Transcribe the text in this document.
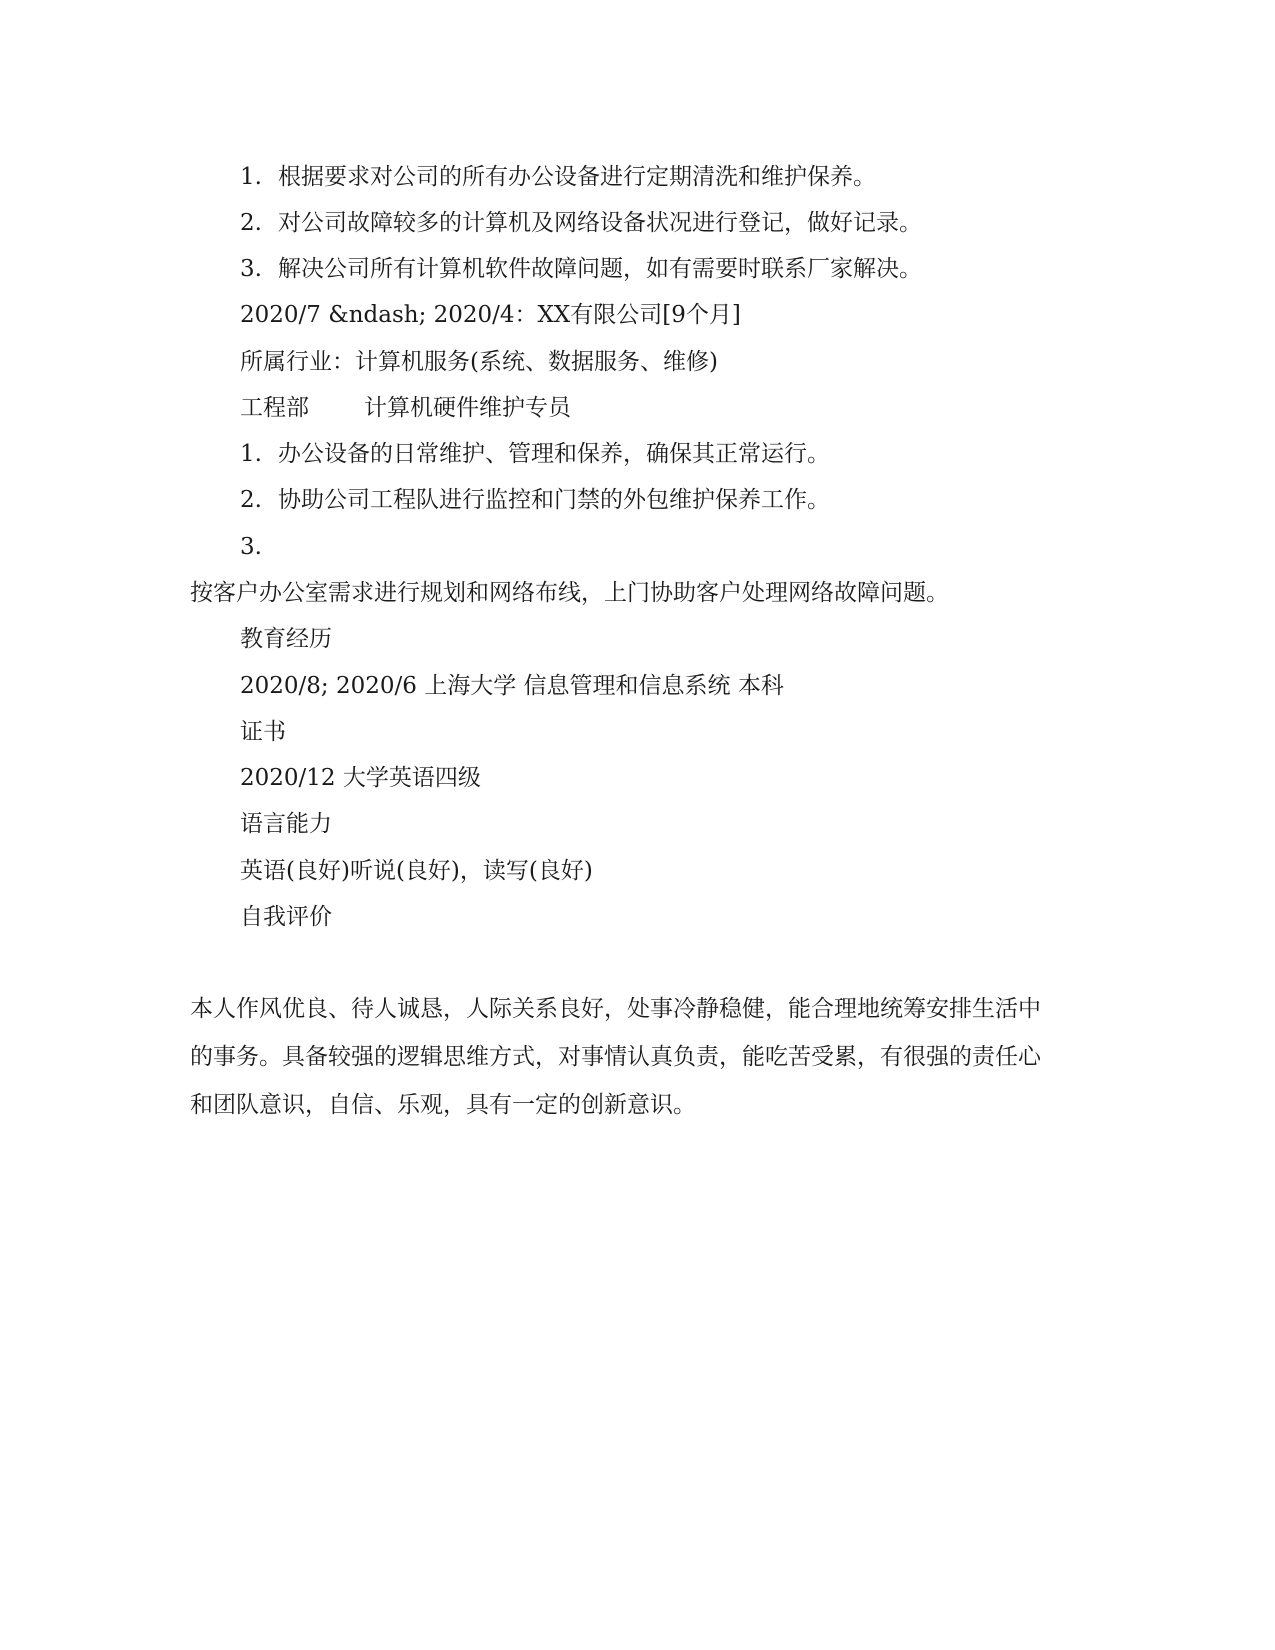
1. 根据要求对公司的所有办公设备进行定期清洗和维护保养。
2. 对公司故障较多的计算机及网络设备状况进行登记，做好记录。
3. 解决公司所有计算机软件故障问题，如有需要时联系厂家解决。
2020/7 &ndash; 2020/4：XX有限公司[9个月]
所属行业：计算机服务(系统、数据服务、维修)
工程部 计算机硬件维护专员
1. 办公设备的日常维护、管理和保养，确保其正常运行。
2. 协助公司工程队进行监控和门禁的外包维护保养工作。
3.
按客户办公室需求进行规划和网络布线，上门协助客户处理网络故障问题。
教育经历
2020/8; 2020/6 上海大学 信息管理和信息系统 本科
证书
2020/12 大学英语四级
语言能力
英语(良好)听说(良好)，读写(良好)
自我评价
本人作风优良、待人诚恳，人际关系良好，处事冷静稳健，能合理地统筹安排生活中的事务。具备较强的逻辑思维方式，对事情认真负责，能吃苦受累，有很强的责任心和团队意识，自信、乐观，具有一定的创新意识。
